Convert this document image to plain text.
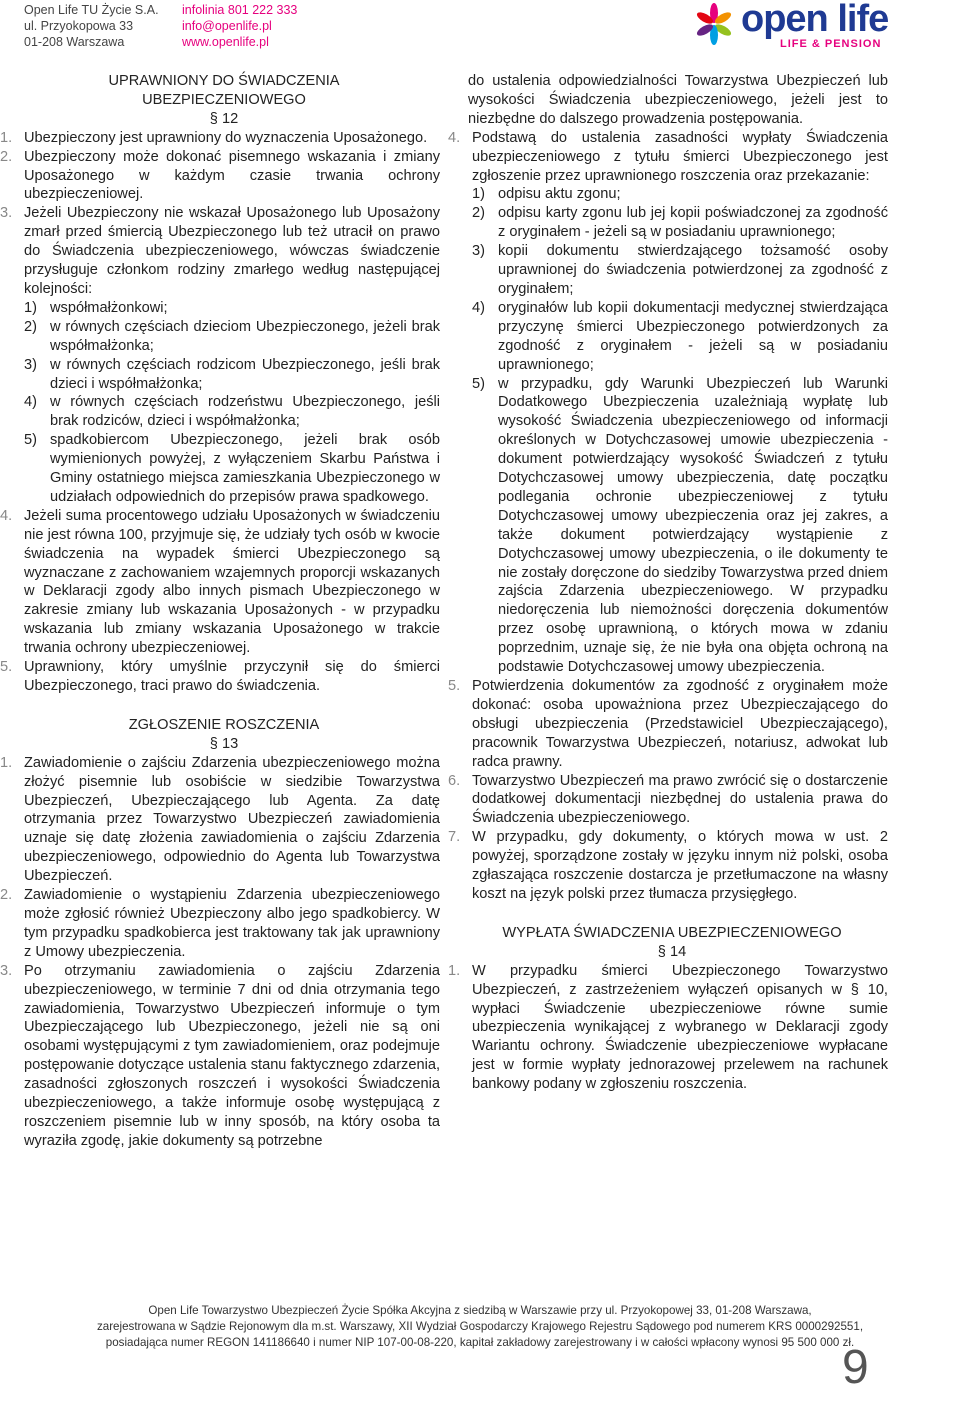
Open Life TU Życie S.A.
ul. Przyokopowa 33
01-208 Warszawa
infolinia 801 222 333
info@openlife.pl
www.openlife.pl
open life
LIFE & PENSION
UPRAWNIONY DO ŚWIADCZENIA UBEZPIECZENIOWEGO
§ 12
1. Ubezpieczony jest uprawniony do wyznaczenia Uposażonego.
2. Ubezpieczony może dokonać pisemnego wskazania i zmiany Uposażonego w każdym czasie trwania ochrony ubezpieczeniowej.
3. Jeżeli Ubezpieczony nie wskazał Uposażonego lub Uposażony zmarł przed śmiercią Ubezpieczonego lub też utracił on prawo do Świadczenia ubezpieczeniowego, wówczas świadczenie przysługuje członkom rodziny zmarłego według następującej kolejności:
1) współmałżonkowi;
2) w równych częściach dzieciom Ubezpieczonego, jeżeli brak współmałżonka;
3) w równych częściach rodzicom Ubezpieczonego, jeśli brak dzieci i współmałżonka;
4) w równych częściach rodzeństwu Ubezpieczonego, jeśli brak rodziców, dzieci i współmałżonka;
5) spadkobiercom Ubezpieczonego, jeżeli brak osób wymienionych powyżej, z wyłączeniem Skarbu Państwa i Gminy ostatniego miejsca zamieszkania Ubezpieczonego w udziałach odpowiednich do przepisów prawa spadkowego.
4. Jeżeli suma procentowego udziału Uposażonych w świadczeniu nie jest równa 100, przyjmuje się, że udziały tych osób w kwocie świadczenia na wypadek śmierci Ubezpieczonego są wyznaczane z zachowaniem wzajemnych proporcji wskazanych w Deklaracji zgody albo innych pismach Ubezpieczonego w zakresie zmiany lub wskazania Uposażonych - w przypadku wskazania lub zmiany wskazania Uposażonego w trakcie trwania ochrony ubezpieczeniowej.
5. Uprawniony, który umyślnie przyczynił się do śmierci Ubezpieczonego, traci prawo do świadczenia.
ZGŁOSZENIE ROSZCZENIA
§ 13
1. Zawiadomienie o zajściu Zdarzenia ubezpieczeniowego można złożyć pisemnie lub osobiście w siedzibie Towarzystwa Ubezpieczeń, Ubezpieczającego lub Agenta. Za datę otrzymania przez Towarzystwo Ubezpieczeń zawiadomienia uznaje się datę złożenia zawiadomienia o zajściu Zdarzenia ubezpieczeniowego, odpowiednio do Agenta lub Towarzystwa Ubezpieczeń.
2. Zawiadomienie o wystąpieniu Zdarzenia ubezpieczeniowego może zgłosić również Ubezpieczony albo jego spadkobiercy. W tym przypadku spadkobierca jest traktowany tak jak uprawniony z Umowy ubezpieczenia.
3. Po otrzymaniu zawiadomienia o zajściu Zdarzenia ubezpieczeniowego, w terminie 7 dni od dnia otrzymania tego zawiadomienia, Towarzystwo Ubezpieczeń informuje o tym Ubezpieczającego lub Ubezpieczonego, jeżeli nie są oni osobami występującymi z tym zawiadomieniem, oraz podejmuje postępowanie dotyczące ustalenia stanu faktycznego zdarzenia, zasadności zgłoszonych roszczeń i wysokości Świadczenia ubezpieczeniowego, a także informuje osobę występującą z roszczeniem pisemnie lub w inny sposób, na który osoba ta wyraziła zgodę, jakie dokumenty są potrzebne

do ustalenia odpowiedzialności Towarzystwa Ubezpieczeń lub wysokości Świadczenia ubezpieczeniowego, jeżeli jest to niezbędne do dalszego prowadzenia postępowania.

4. Podstawą do ustalenia zasadności wypłaty Świadczenia ubezpieczeniowego z tytułu śmierci Ubezpieczonego jest zgłoszenie przez uprawnionego roszczenia oraz przekazanie:
1) odpisu aktu zgonu;
2) odpisu karty zgonu lub jej kopii poświadczonej za zgodność z oryginałem - jeżeli są w posiadaniu uprawnionego;
3) kopii dokumentu stwierdzającego tożsamość osoby uprawnionej do świadczenia potwierdzonej za zgodność z oryginałem;
4) oryginałów lub kopii dokumentacji medycznej stwierdzająca przyczynę śmierci Ubezpieczonego potwierdzonych za zgodność z oryginałem - jeżeli są w posiadaniu uprawnionego;
5) w przypadku, gdy Warunki Ubezpieczeń lub Warunki Dodatkowego Ubezpieczenia uzależniają wypłatę lub wysokość Świadczenia ubezpieczeniowego od informacji określonych w Dotychczasowej umowie ubezpieczenia - dokument potwierdzający wysokość Świadczeń z tytułu Dotychczasowej umowy ubezpieczenia, datę początku podlegania ochronie ubezpieczeniowej z tytułu Dotychczasowej umowy ubezpieczenia oraz jej zakres, a także dokument potwierdzający wystąpienie z Dotychczasowej umowy ubezpieczenia, o ile dokumenty te nie zostały doręczone do siedziby Towarzystwa przed dniem zajścia Zdarzenia ubezpieczeniowego. W przypadku niedoręczenia lub niemożności doręczenia dokumentów przez osobę uprawnioną, o których mowa w zdaniu poprzednim, uznaje się, że nie była ona objęta ochroną na podstawie Dotychczasowej umowy ubezpieczenia.
5. Potwierdzenia dokumentów za zgodność z oryginałem może dokonać: osoba upoważniona przez Ubezpieczającego do obsługi ubezpieczenia (Przedstawiciel Ubezpieczającego), pracownik Towarzystwa Ubezpieczeń, notariusz, adwokat lub radca prawny.
6. Towarzystwo Ubezpieczeń ma prawo zwrócić się o dostarczenie dodatkowej dokumentacji niezbędnej do ustalenia prawa do Świadczenia ubezpieczeniowego.
7. W przypadku, gdy dokumenty, o których mowa w ust. 2 powyżej, sporządzone zostały w języku innym niż polski, osoba zgłaszająca roszczenie dostarcza je przetłumaczone na własny koszt na język polski przez tłumacza przysięgłego.
WYPŁATA ŚWIADCZENIA UBEZPIECZENIOWEGO
§ 14
1. W przypadku śmierci Ubezpieczonego Towarzystwo Ubezpieczeń, z zastrzeżeniem wyłączeń opisanych w § 10, wypłaci Świadczenie ubezpieczeniowe równe sumie ubezpieczenia wynikającej z wybranego w Deklaracji zgody Wariantu ochrony. Świadczenie ubezpieczeniowe wypłacane jest w formie wypłaty jednorazowej przelewem na rachunek bankowy podany w zgłoszeniu roszczenia.
Open Life Towarzystwo Ubezpieczeń Życie Spółka Akcyjna z siedzibą w Warszawie przy ul. Przyokopowej 33, 01-208 Warszawa,
zarejestrowana w Sądzie Rejonowym dla m.st. Warszawy, XII Wydział Gospodarczy Krajowego Rejestru Sądowego pod numerem KRS 0000292551,
posiadająca numer REGON 141186640 i numer NIP 107-00-08-220, kapitał zakładowy zarejestrowany i w całości wpłacony wynosi 95 500 000 zł.
9
